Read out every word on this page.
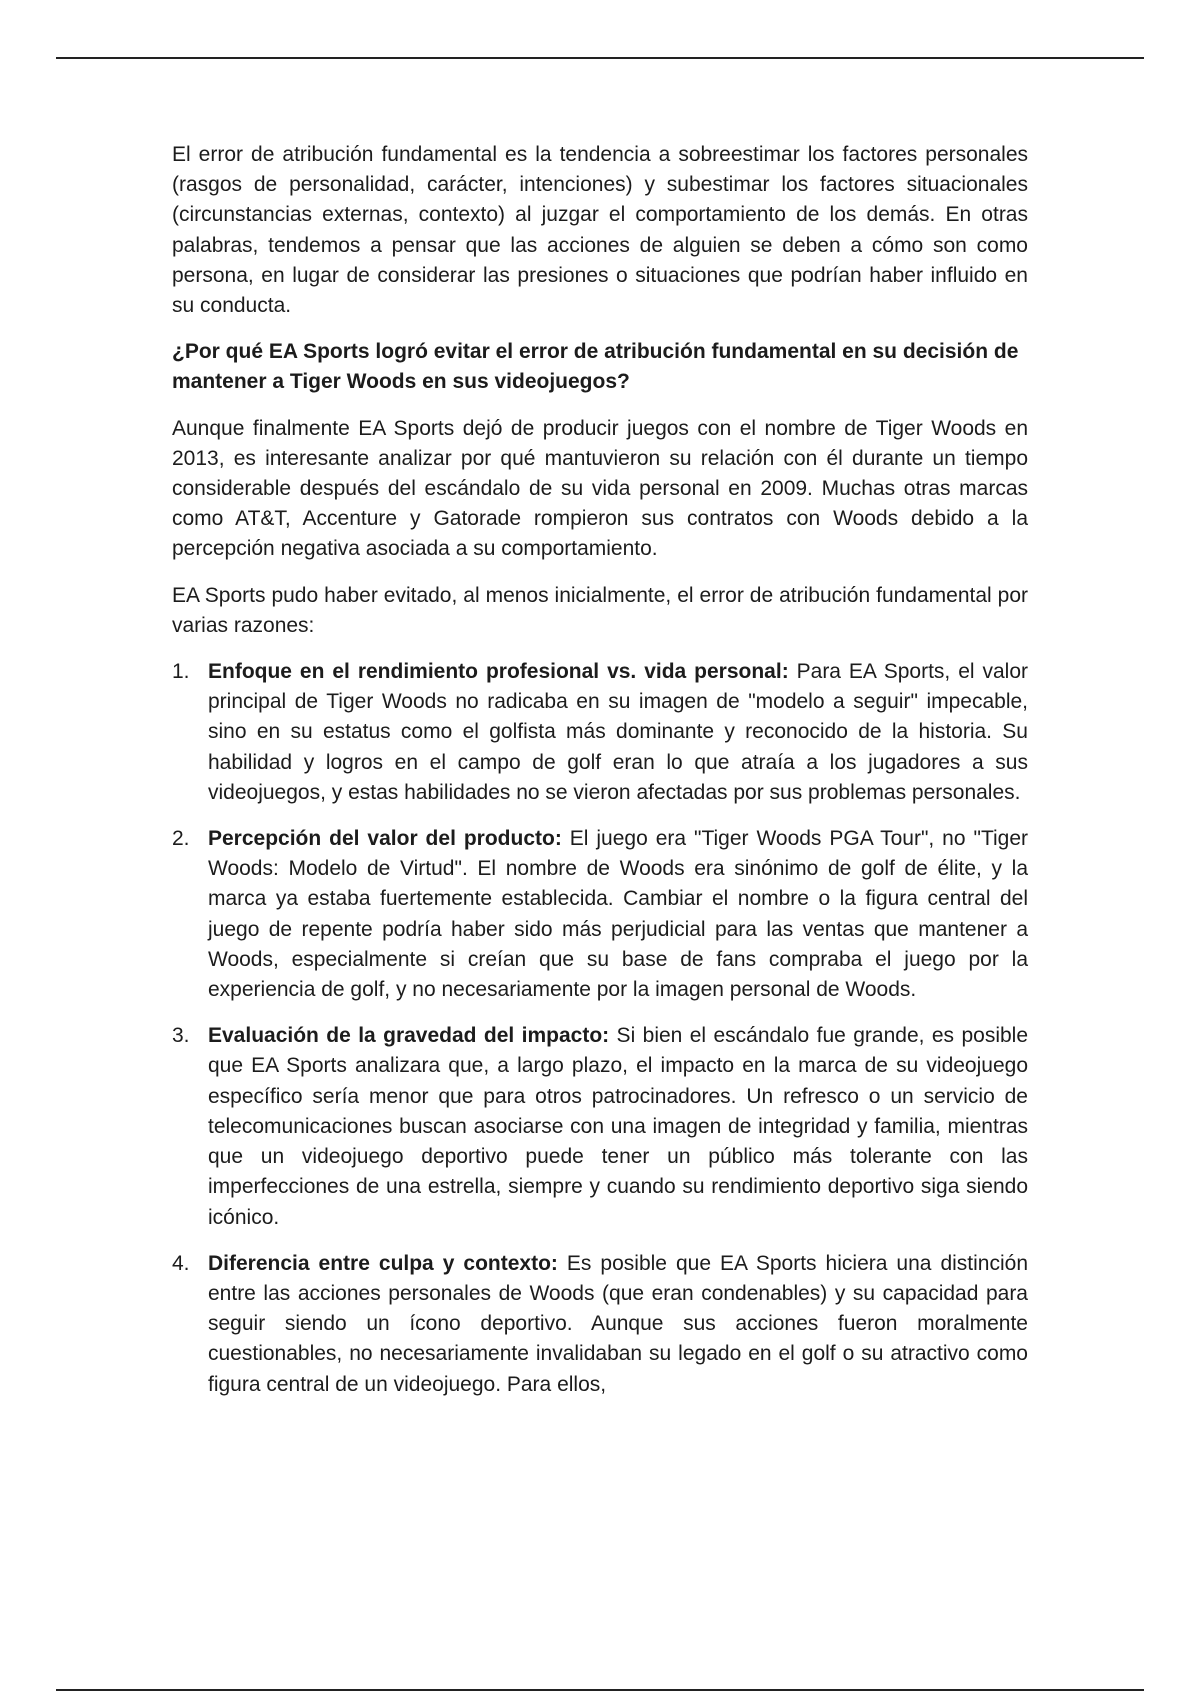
El error de atribución fundamental es la tendencia a sobreestimar los factores personales (rasgos de personalidad, carácter, intenciones) y subestimar los factores situacionales (circunstancias externas, contexto) al juzgar el comportamiento de los demás. En otras palabras, tendemos a pensar que las acciones de alguien se deben a cómo son como persona, en lugar de considerar las presiones o situaciones que podrían haber influido en su conducta.

¿Por qué EA Sports logró evitar el error de atribución fundamental en su decisión de mantener a Tiger Woods en sus videojuegos?

Aunque finalmente EA Sports dejó de producir juegos con el nombre de Tiger Woods en 2013, es interesante analizar por qué mantuvieron su relación con él durante un tiempo considerable después del escándalo de su vida personal en 2009. Muchas otras marcas como AT&T, Accenture y Gatorade rompieron sus contratos con Woods debido a la percepción negativa asociada a su comportamiento.

EA Sports pudo haber evitado, al menos inicialmente, el error de atribución fundamental por varias razones:

1. Enfoque en el rendimiento profesional vs. vida personal: Para EA Sports, el valor principal de Tiger Woods no radicaba en su imagen de "modelo a seguir" impecable, sino en su estatus como el golfista más dominante y reconocido de la historia. Su habilidad y logros en el campo de golf eran lo que atraía a los jugadores a sus videojuegos, y estas habilidades no se vieron afectadas por sus problemas personales.
2. Percepción del valor del producto: El juego era "Tiger Woods PGA Tour", no "Tiger Woods: Modelo de Virtud". El nombre de Woods era sinónimo de golf de élite, y la marca ya estaba fuertemente establecida. Cambiar el nombre o la figura central del juego de repente podría haber sido más perjudicial para las ventas que mantener a Woods, especialmente si creían que su base de fans compraba el juego por la experiencia de golf, y no necesariamente por la imagen personal de Woods.
3. Evaluación de la gravedad del impacto: Si bien el escándalo fue grande, es posible que EA Sports analizara que, a largo plazo, el impacto en la marca de su videojuego específico sería menor que para otros patrocinadores. Un refresco o un servicio de telecomunicaciones buscan asociarse con una imagen de integridad y familia, mientras que un videojuego deportivo puede tener un público más tolerante con las imperfecciones de una estrella, siempre y cuando su rendimiento deportivo siga siendo icónico.
4. Diferencia entre culpa y contexto: Es posible que EA Sports hiciera una distinción entre las acciones personales de Woods (que eran condenables) y su capacidad para seguir siendo un ícono deportivo. Aunque sus acciones fueron moralmente cuestionables, no necesariamente invalidaban su legado en el golf o su atractivo como figura central de un videojuego. Para ellos,
